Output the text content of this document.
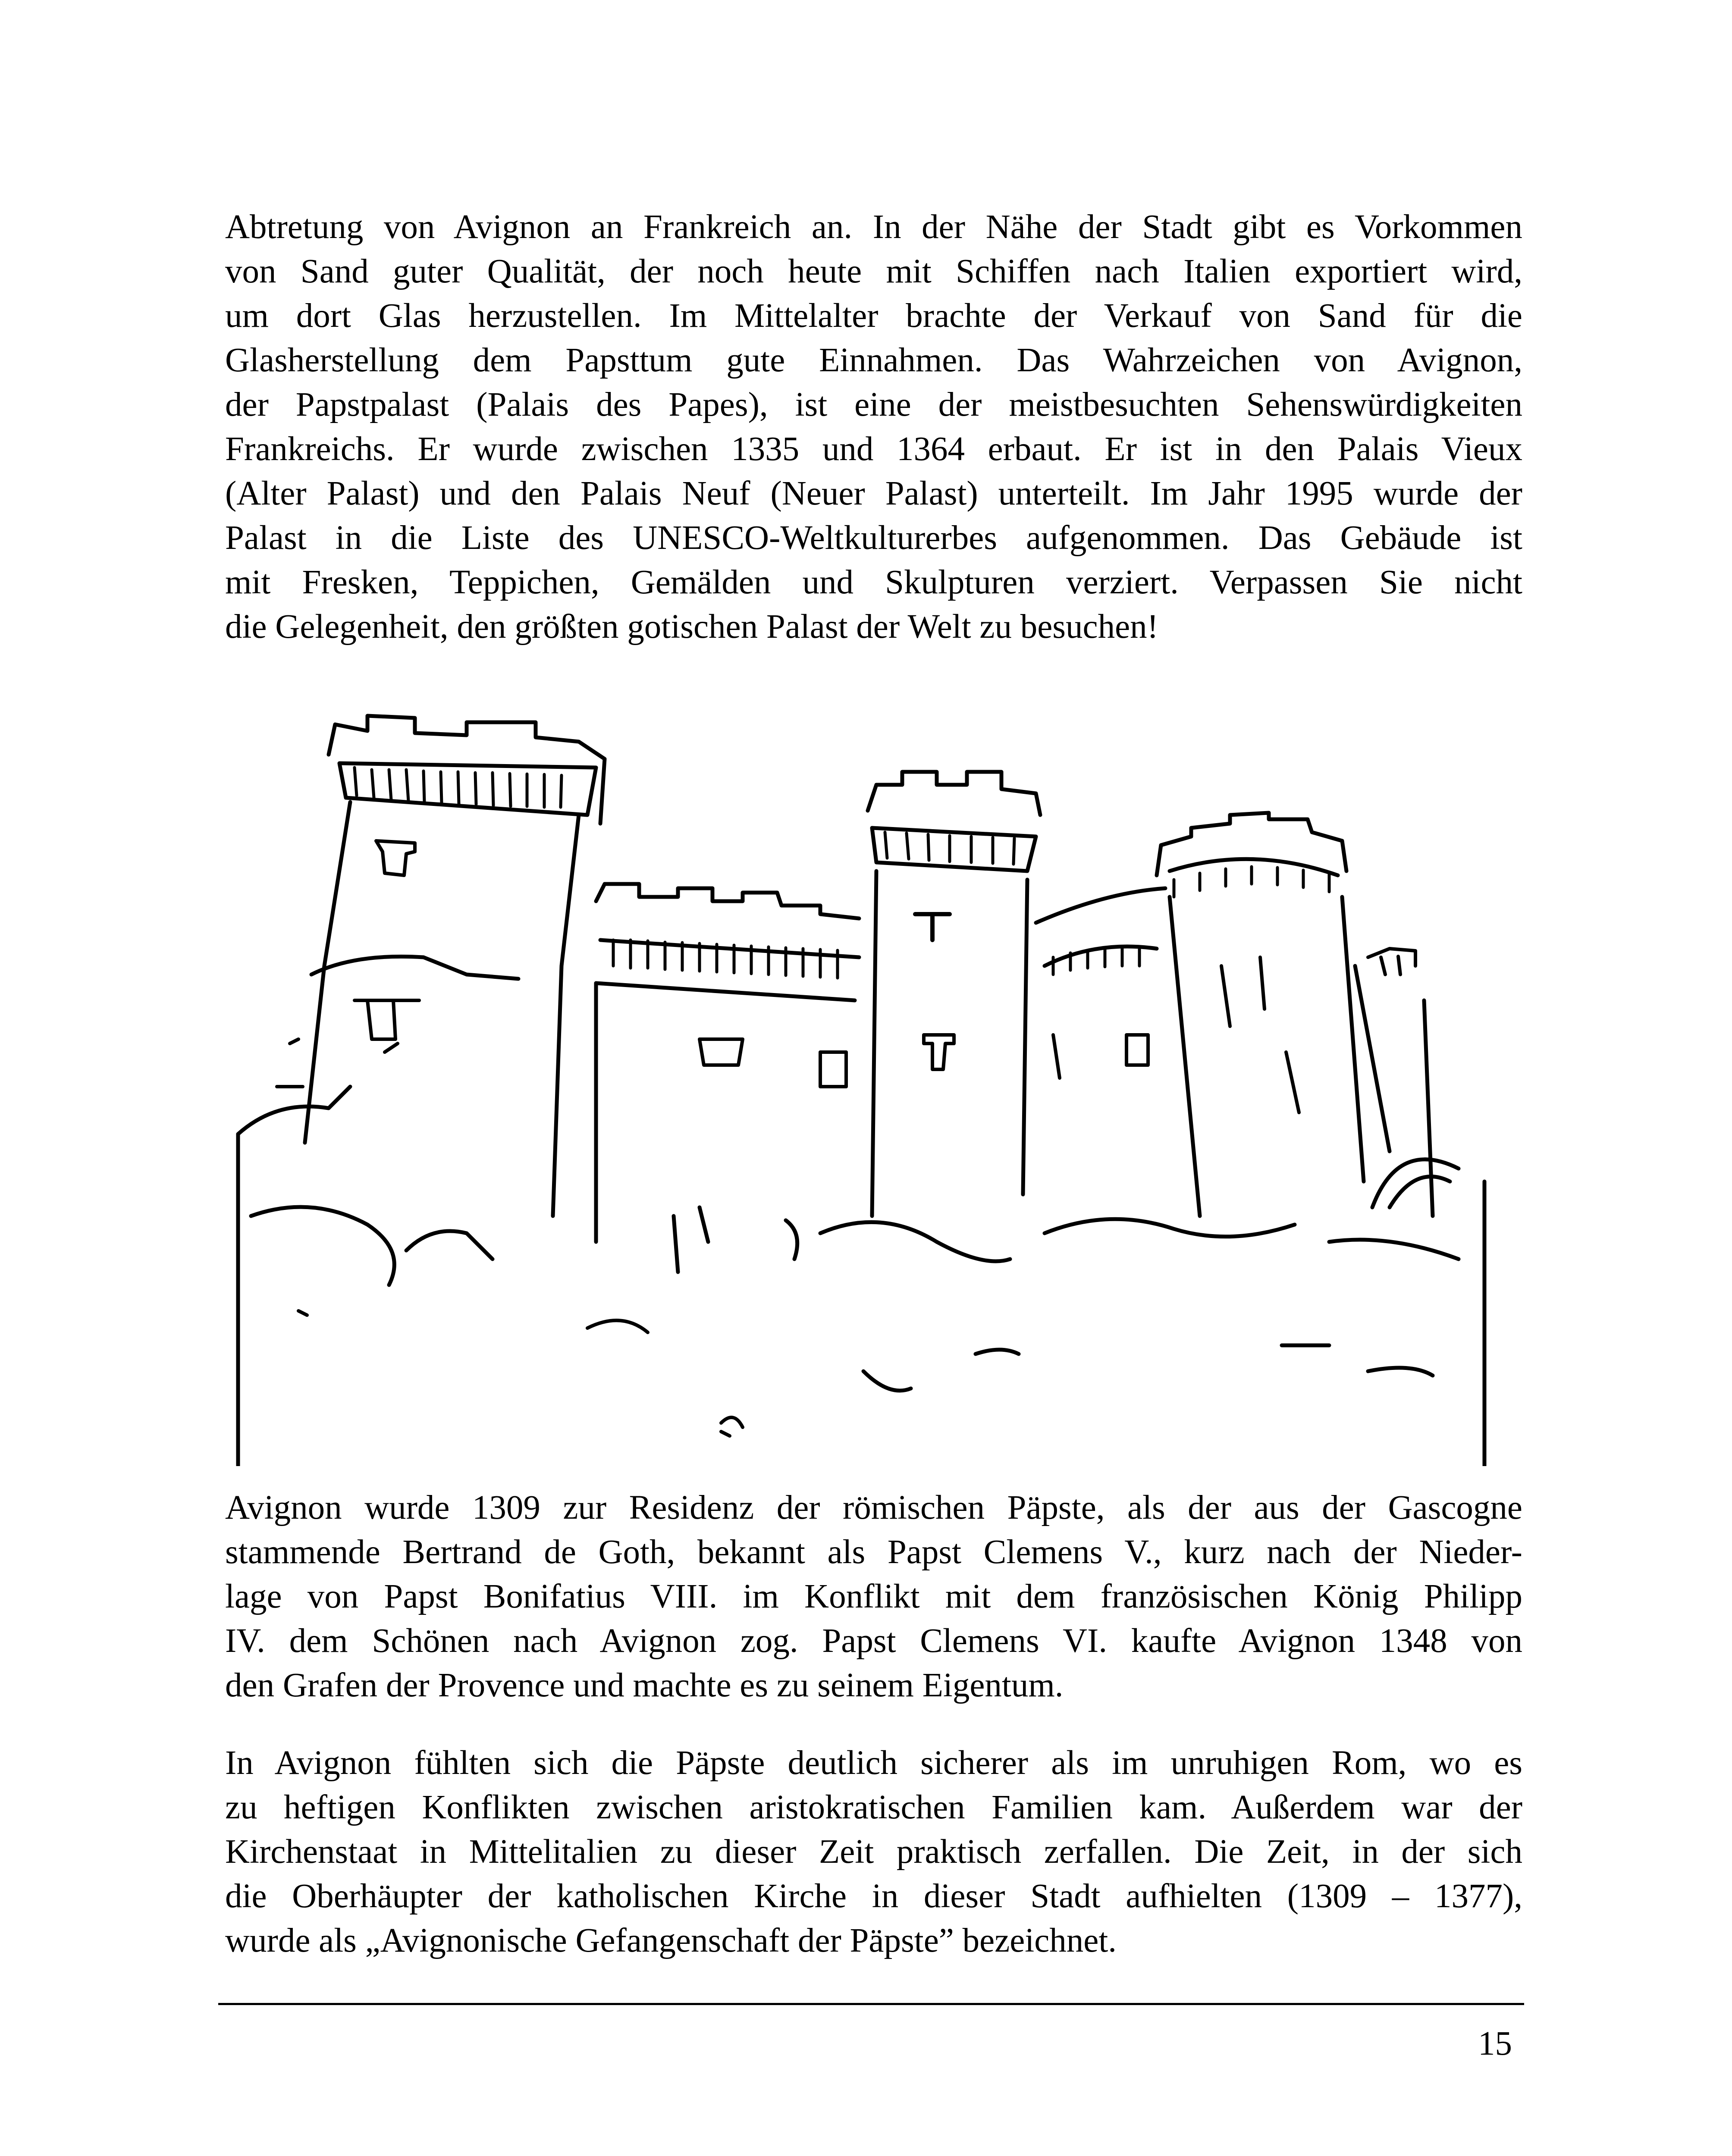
Abtretung von Avignon an Frankreich an. In der Nähe der Stadt gibt es Vorkommen
von Sand guter Qualität, der noch heute mit Schiffen nach Italien exportiert wird,
um dort Glas herzustellen. Im Mittelalter brachte der Verkauf von Sand für die
Glasherstellung dem Papsttum gute Einnahmen. Das Wahrzeichen von Avignon,
der Papstpalast (Palais des Papes), ist eine der meistbesuchten Sehenswürdigkeiten
Frankreichs. Er wurde zwischen 1335 und 1364 erbaut. Er ist in den Palais Vieux
(Alter Palast) und den Palais Neuf (Neuer Palast) unterteilt. Im Jahr 1995 wurde der
Palast in die Liste des UNESCO-Weltkulturerbes aufgenommen. Das Gebäude ist
mit Fresken, Teppichen, Gemälden und Skulpturen verziert. Verpassen Sie nicht
die Gelegenheit, den größten gotischen Palast der Welt zu besuchen!
Avignon wurde 1309 zur Residenz der römischen Päpste, als der aus der Gascogne
stammende Bertrand de Goth, bekannt als Papst Clemens V., kurz nach der Nieder-
lage von Papst Bonifatius VIII. im Konflikt mit dem französischen König Philipp
IV. dem Schönen nach Avignon zog. Papst Clemens VI. kaufte Avignon 1348 von
den Grafen der Provence und machte es zu seinem Eigentum.
In Avignon fühlten sich die Päpste deutlich sicherer als im unruhigen Rom, wo es
zu heftigen Konflikten zwischen aristokratischen Familien kam. Außerdem war der
Kirchenstaat in Mittelitalien zu dieser Zeit praktisch zerfallen. Die Zeit, in der sich
die Oberhäupter der katholischen Kirche in dieser Stadt aufhielten (1309 – 1377),
wurde als „Avignonische Gefangenschaft der Päpste” bezeichnet.
15
